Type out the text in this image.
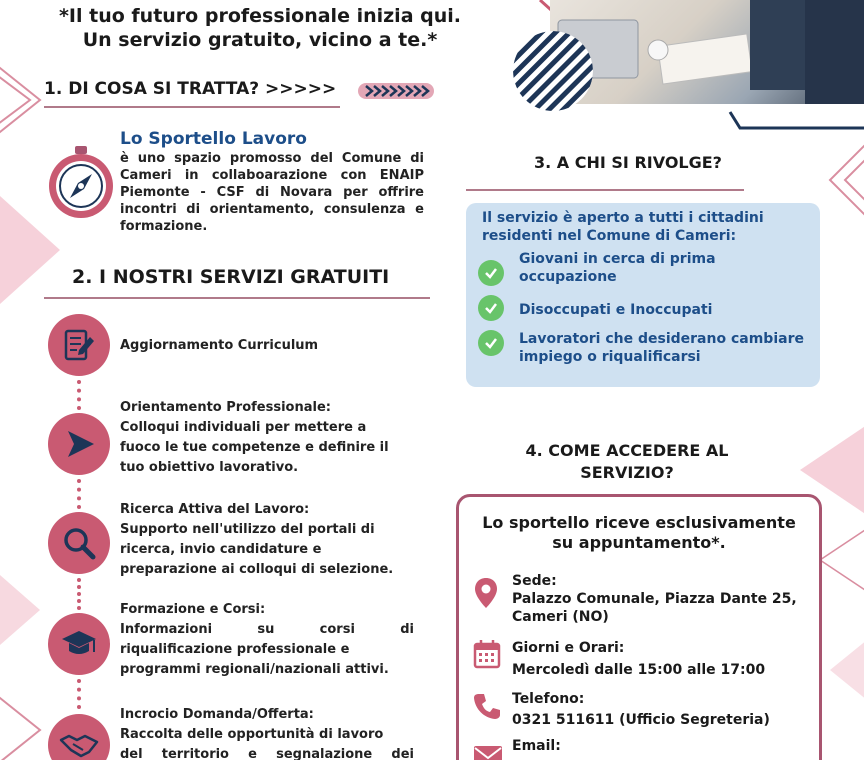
*Il tuo futuro professionale inizia qui.
Un servizio gratuito, vicino a te.*
1. DI COSA SI TRATTA? >>>>>
Lo Sportello Lavoro
è uno spazio promosso del Comune di Cameri in collaboarazione con ENAIP Piemonte - CSF di Novara per offrire incontri di orientamento, consulenza e formazione.
2. I NOSTRI SERVIZI GRATUITI
Aggiornamento Curriculum
Orientamento Professionale:
Colloqui individuali per mettere a
fuoco le tue competenze e definire il
tuo obiettivo lavorativo.
Ricerca Attiva del Lavoro:
Supporto nell'utilizzo del portali di
ricerca, invio candidature e
preparazione ai colloqui di selezione.
Formazione e Corsi:
Informazioni	su	corsi	di
riqualificazione professionale e
programmi regionali/nazionali attivi.
Incrocio Domanda/Offerta:
Raccolta delle opportunità di lavoro
del territorio e segnalazione dei
3. A CHI SI RIVOLGE?
Il servizio è aperto a tutti i cittadini residenti nel Comune di Cameri:
Giovani in cerca di prima occupazione
Disoccupati e Inoccupati
Lavoratori che desiderano cambiare impiego o riqualificarsi
4. COME ACCEDERE AL
SERVIZIO?
Lo sportello riceve esclusivamente su appuntamento*.
Sede:
Palazzo Comunale, Piazza Dante 25, Cameri (NO)
Giorni e Orari:
Mercoledì dalle 15:00 alle 17:00
Telefono:
0321 511611 (Ufficio Segreteria)
Email:
